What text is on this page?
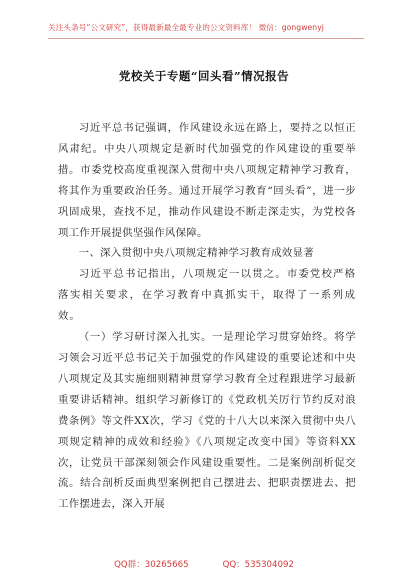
关注头条号“公文研究”，获得最新最全最专业的公文资料库！ 微信：gongwenyj
党校关于专题“回头看”情况报告

习近平总书记强调，作风建设永远在路上，要持之以恒正风肃纪。中央八项规定是新时代加强党的作风建设的重要举措。市委党校高度重视深入贯彻中央八项规定精神学习教育，将其作为重要政治任务。通过开展学习教育“回头看”，进一步巩固成果，查找不足，推动作风建设不断走深走实，为党校各项工作开展提供坚强作风保障。

一、深入贯彻中央八项规定精神学习教育成效显著

习近平总书记指出，八项规定一以贯之。市委党校严格落实相关要求，在学习教育中真抓实干，取得了一系列成效。

（一）学习研讨深入扎实。一是理论学习贯穿始终。将学习领会习近平总书记关于加强党的作风建设的重要论述和中央八项规定及其实施细则精神贯穿学习教育全过程跟进学习最新重要讲话精神。组织学习新修订的《党政机关厉行节约反对浪费条例》等文件XX次，学习《党的十八大以来深入贯彻中央八项规定精神的成效和经验》《八项规定改变中国》等资料XX次，让党员干部深刻领会作风建设重要性。二是案例剖析促交流。结合剖析反面典型案例把自己摆进去、把职责摆进去、把工作摆进去，深入开展

QQ群：30265665	QQ：535304092
